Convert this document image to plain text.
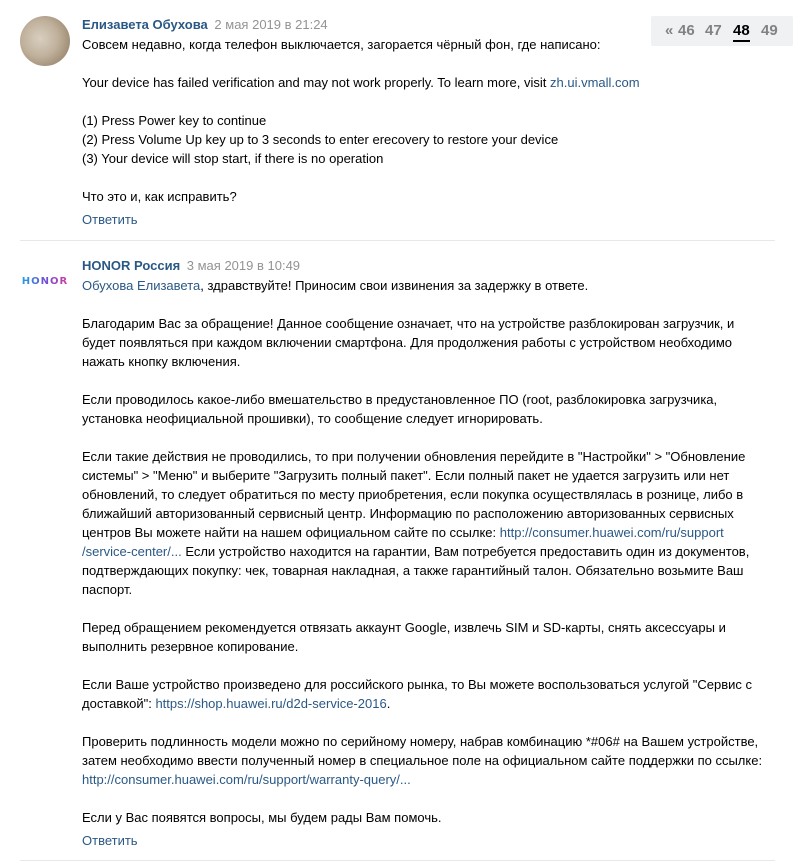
« 46 47 48 49
Елизавета Обухова 2 мая 2019 в 21:24
Совсем недавно, когда телефон выключается, загорается чёрный фон, где написано:
Your device has failed verification and may not work properly. To learn more, visit zh.ui.vmall.com
(1) Press Power key to continue
(2) Press Volume Up key up to 3 seconds to enter erecovery to restore your device
(3) Your device will stop start, if there is no operation
Что это и, как исправить?
Ответить
HONOR
HONOR Россия 3 мая 2019 в 10:49
Обухова Елизавета, здравствуйте! Приносим свои извинения за задержку в ответе.
Благодарим Вас за обращение! Данное сообщение означает, что на устройстве разблокирован загрузчик, и
будет появляться при каждом включении смартфона. Для продолжения работы с устройством необходимо
нажать кнопку включения.
Если проводилось какое-либо вмешательство в предустановленное ПО (root, разблокировка загрузчика,
установка неофициальной прошивки), то сообщение следует игнорировать.
Если такие действия не проводились, то при получении обновления перейдите в "Настройки" > "Обновление
системы" > "Меню" и выберите "Загрузить полный пакет". Если полный пакет не удается загрузить или нет
обновлений, то следует обратиться по месту приобретения, если покупка осуществлялась в рознице, либо в
ближайший авторизованный сервисный центр. Информацию по расположению авторизованных сервисных
центров Вы можете найти на нашем официальном сайте по ссылке: http://consumer.huawei.com/ru/support
/service-center/... Если устройство находится на гарантии, Вам потребуется предоставить один из документов,
подтверждающих покупку: чек, товарная накладная, а также гарантийный талон. Обязательно возьмите Ваш
паспорт.
Перед обращением рекомендуется отвязать аккаунт Google, извлечь SIM и SD-карты, снять аксессуары и
выполнить резервное копирование.
Если Ваше устройство произведено для российского рынка, то Вы можете воспользоваться услугой "Сервис с
доставкой": https://shop.huawei.ru/d2d-service-2016.
Проверить подлинность модели можно по серийному номеру, набрав комбинацию *#06# на Вашем устройстве,
затем необходимо ввести полученный номер в специальное поле на официальном сайте поддержки по ссылке:
http://consumer.huawei.com/ru/support/warranty-query/...
Если у Вас появятся вопросы, мы будем рады Вам помочь.
Ответить
